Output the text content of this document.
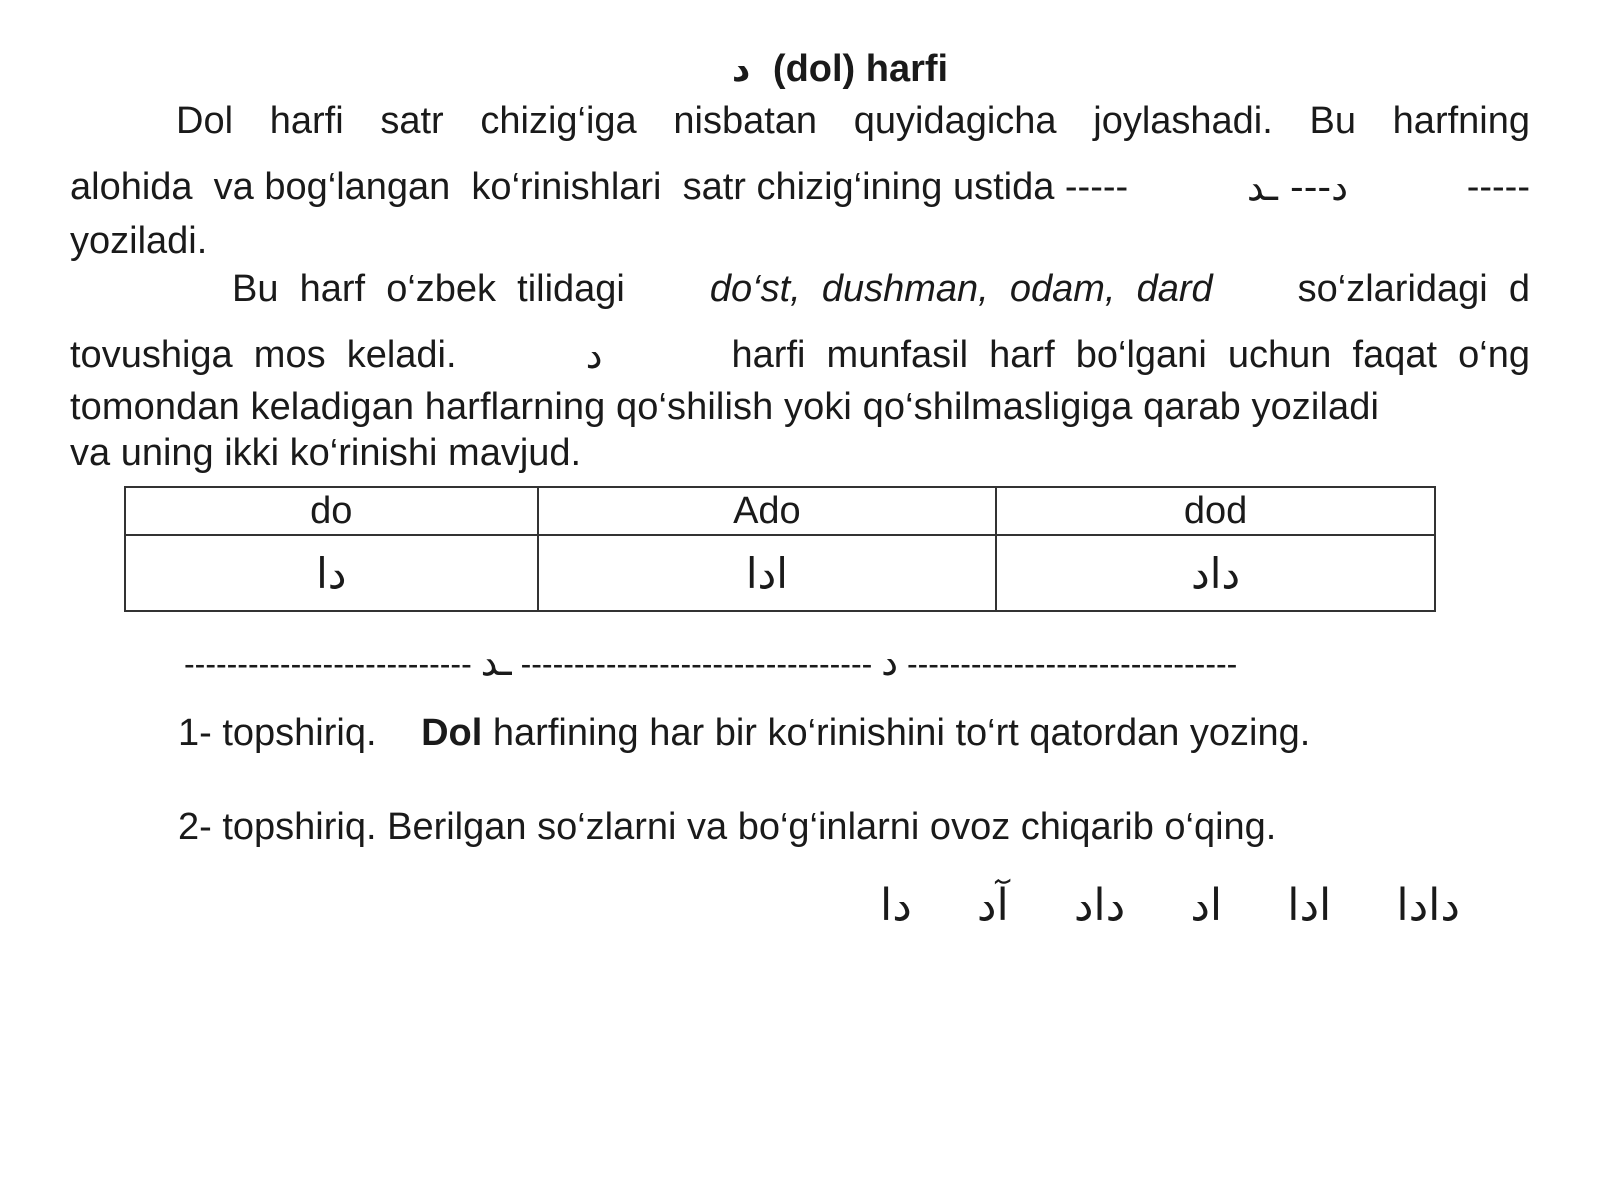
د (dol) harfi
Dol harfi satr chizig‘iga nisbatan quyidagicha joylashadi. Bu harfning
alohida  va bog‘langan  ko‘rinishlari  satr chizig‘ining ustida -----	د--- ـد	-----
yoziladi.
Bu  harf  o‘zbek  tilidagi do‘st,  dushman,  odam,  dard so‘zlaridagi  d
tovushiga  mos  keladi.	د	harfi  munfasil  harf  bo‘lgani  uchun  faqat  o‘ng
tomondan keladigan harflarning qo‘shilish yoki qo‘shilmasligiga qarab yoziladi
va uning ikki ko‘rinishi mavjud.
do	Ado	dod
دا	ادا	داد
--------------------------- ـد --------------------------------- د -------------------------------
1- topshiriq. Dol harfining har bir ko‘rinishini to‘rt qatordan yozing.
2- topshiriq. Berilgan so‘zlarni va bo‘g‘inlarni ovoz chiqarib o‘qing.
دا آد داد اد ادا دادا
